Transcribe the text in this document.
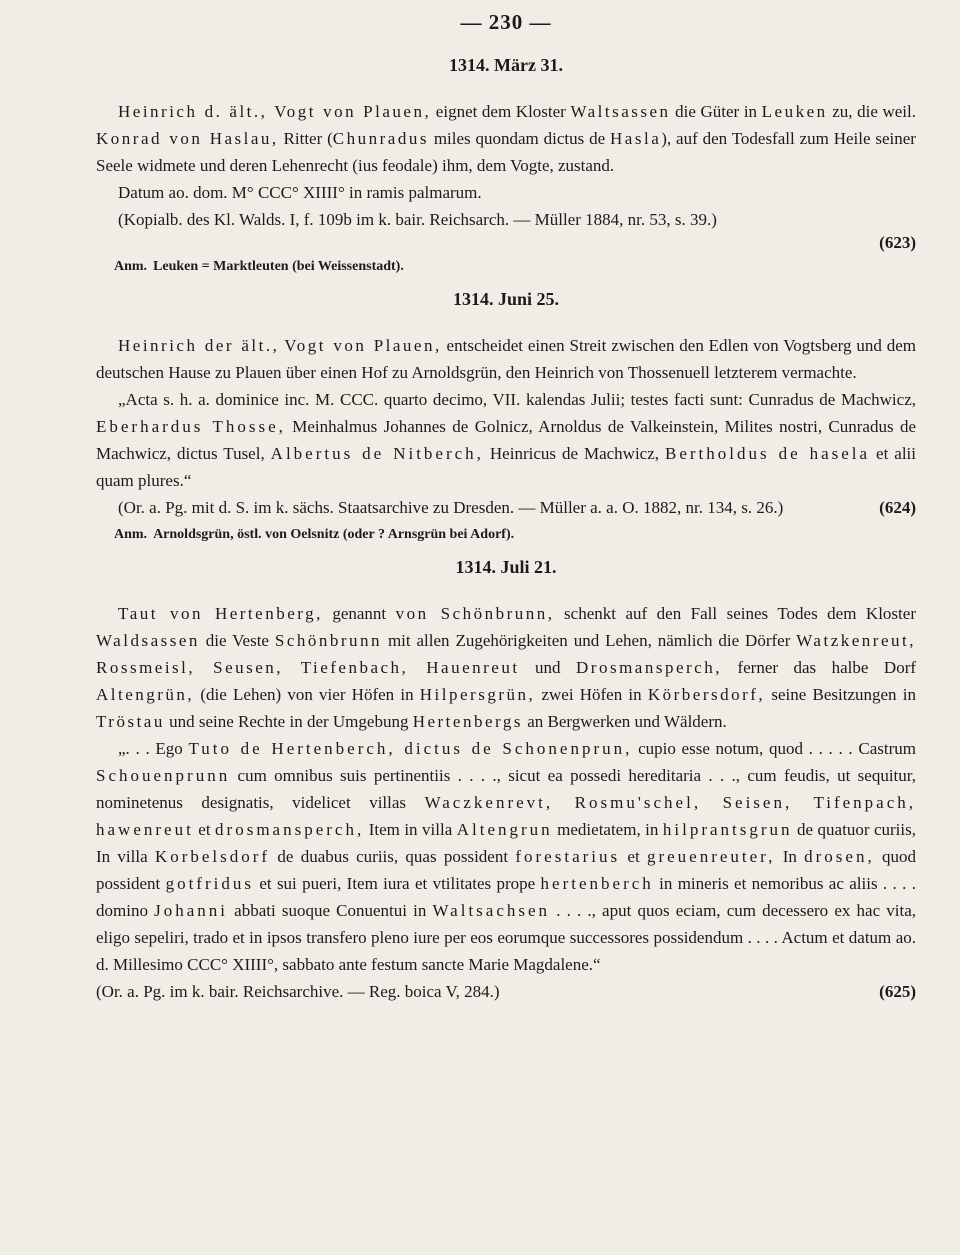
— 230 —
1314. März 31.

Heinrich d. ält., Vogt von Plauen, eignet dem Kloster Waltsassen die Güter in Leuken zu, die weil. Konrad von Haslau, Ritter (Chunradus miles quondam dictus de Hasla), auf den Todesfall zum Heile seiner Seele widmete und deren Lehenrecht (ius feodale) ihm, dem Vogte, zustand.

Datum ao. dom. M° CCC° XIIII° in ramis palmarum.

(Kopialb. des Kl. Walds. I, f. 109b im k. bair. Reichsarch. — Müller 1884, nr. 53, s. 39.)

(623)
Anm. Leuken = Marktleuten (bei Weissenstadt).
1314. Juni 25.

Heinrich der ält., Vogt von Plauen, entscheidet einen Streit zwischen den Edlen von Vogtsberg und dem deutschen Hause zu Plauen über einen Hof zu Arnoldsgrün, den Heinrich von Thossenuell letzterem vermachte.

„Acta s. h. a. dominice inc. M. CCC. quarto decimo, VII. kalendas Julii; testes facti sunt: Cunradus de Machwicz, Eberhardus Thosse, Meinhalmus Johannes de Golnicz, Arnoldus de Valkeinstein, Milites nostri, Cunradus de Machwicz, dictus Tusel, Albertus de Nitberch, Heinricus de Machwicz, Bertholdus de hasela et alii quam plures.“

(Or. a. Pg. mit d. S. im k. sächs. Staatsarchive zu Dresden. — Müller a. a. O. 1882, nr. 134, s. 26.)	(624)
Anm. Arnoldsgrün, östl. von Oelsnitz (oder ? Arnsgrün bei Adorf).
1314. Juli 21.

Taut von Hertenberg, genannt von Schönbrunn, schenkt auf den Fall seines Todes dem Kloster Waldsassen die Veste Schönbrunn mit allen Zugehörigkeiten und Lehen, nämlich die Dörfer Watzkenreut, Rossmeisl, Seusen, Tiefenbach, Hauenreut und Drosmansperch, ferner das halbe Dorf Altengrün, (die Lehen) von vier Höfen in Hilpersgrün, zwei Höfen in Körbersdorf, seine Besitzungen in Tröstau und seine Rechte in der Umgebung Hertenbergs an Bergwerken und Wäldern.

„. . . Ego Tuto de Hertenberch, dictus de Schonenprun, cupio esse notum, quod . . . . . Castrum Schouenprunn cum omnibus suis pertinentiis . . . ., sicut ea possedi hereditaria . . ., cum feudis, ut sequitur, nominetenus designatis, videlicet villas Waczkenrevt, Rosmu'schel, Seisen, Tifenpach, hawenreut et drosmansperch, Item in villa Altengrun medietatem, in hilprantsgrun de quatuor curiis, In villa Korbelsdorf de duabus curiis, quas possident forestarius et greuenreuter, In drosen, quod possident gotfridus et sui pueri, Item iura et vtilitates prope hertenberch in mineris et nemoribus ac aliis . . . . domino Johanni abbati suoque Conuentui in Waltsachsen . . . ., aput quos eciam, cum decessero ex hac vita, eligo sepeliri, trado et in ipsos transfero pleno iure per eos eorumque successores possidendum . . . . Actum et datum ao. d. Millesimo CCC° XIIII°, sabbato ante festum sancte Marie Magdalene.“

(Or. a. Pg. im k. bair. Reichsarchive. — Reg. boica V, 284.)	(625)
